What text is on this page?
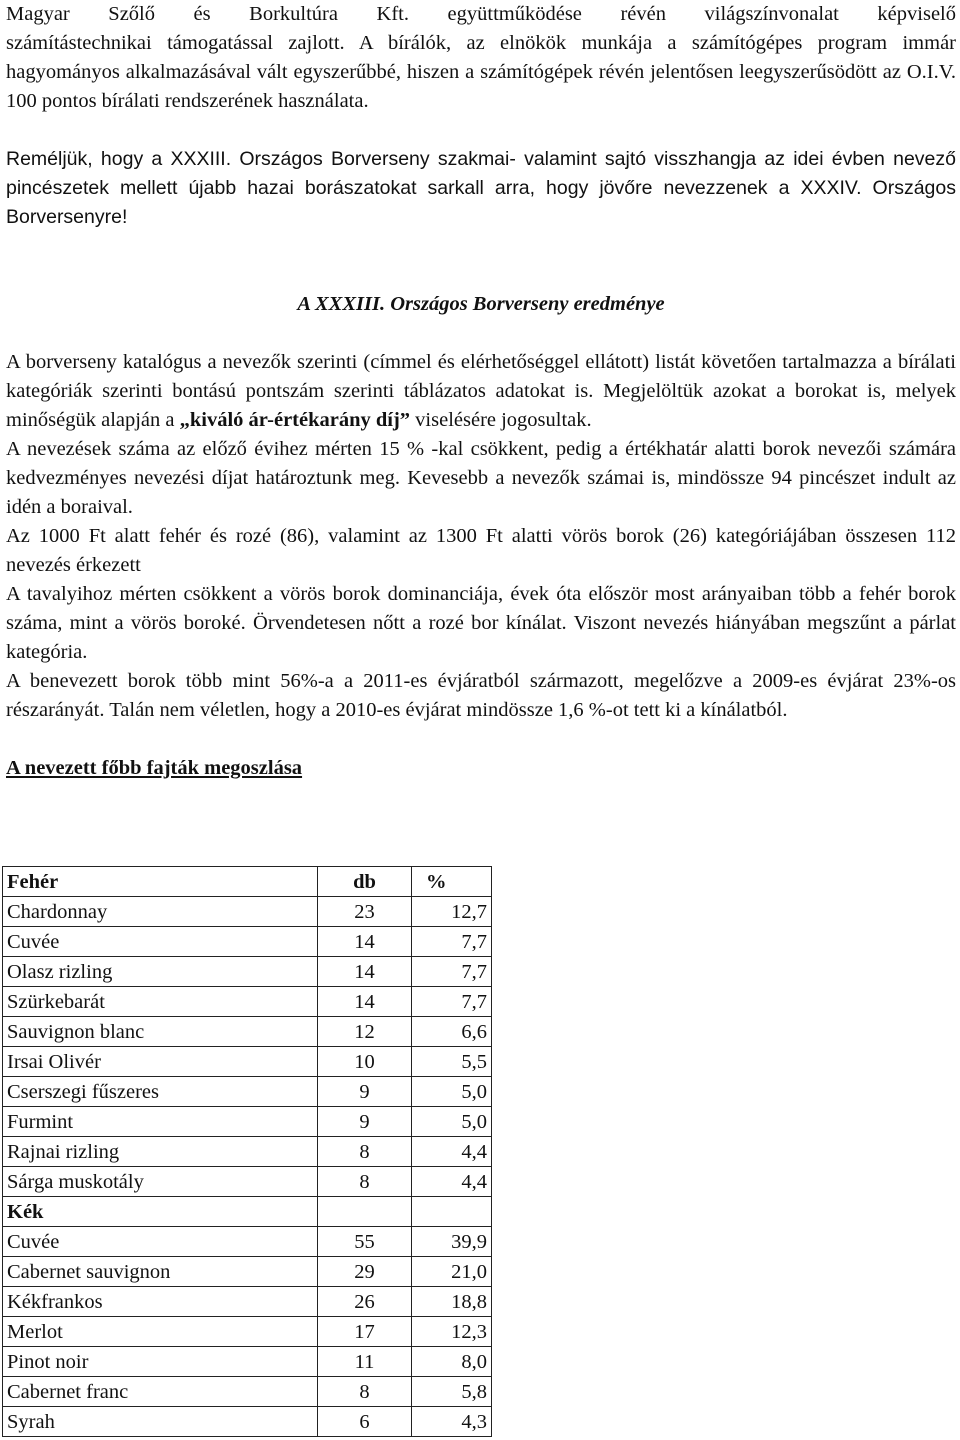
Magyar Szőlő és Borkultúra Kft. együttműködése révén világszínvonalat képviselő

számítástechnikai támogatással zajlott. A bírálók, az elnökök munkája a számítógépes program immár hagyományos alkalmazásával vált egyszerűbbé, hiszen a számítógépek révén jelentősen leegyszerűsödött az O.I.V. 100 pontos bírálati rendszerének használata.

Reméljük, hogy a XXXIII. Országos Borverseny szakmai- valamint sajtó visszhangja az idei évben nevező pincészetek mellett újabb hazai borászatokat sarkall arra, hogy jövőre nevezzenek a XXXIV. Országos Borversenyre!

A XXXIII. Országos Borverseny eredménye

A borverseny katalógus a nevezők szerinti (címmel és elérhetőséggel ellátott) listát követően tartalmazza a bírálati kategóriák szerinti bontású pontszám szerinti táblázatos adatokat is. Megjelöltük azokat a borokat is, melyek minőségük alapján a „kiváló ár-értékarány díj” viselésére jogosultak.

A nevezések száma az előző évihez mérten 15 % -kal csökkent, pedig a értékhatár alatti borok nevezői számára kedvezményes nevezési díjat határoztunk meg. Kevesebb a nevezők számai is, mindössze 94 pincészet indult az idén a boraival.

Az 1000 Ft alatt fehér és rozé (86), valamint az 1300 Ft alatti vörös borok (26) kategóriájában összesen 112 nevezés érkezett

A tavalyihoz mérten csökkent a vörös borok dominanciája, évek óta először most arányaiban több a fehér borok száma, mint a vörös boroké. Örvendetesen nőtt a rozé bor kínálat. Viszont nevezés hiányában megszűnt a párlat kategória.

A benevezett borok több mint 56%-a a 2011-es évjáratból származott, megelőzve a 2009-es évjárat 23%-os részarányát. Talán nem véletlen, hogy a 2010-es évjárat mindössze 1,6 %-ot tett ki a kínálatból.

A nevezett főbb fajták megoszlása

Fehér	db	%
Chardonnay	23	12,7
Cuvée	14	7,7
Olasz rizling	14	7,7
Szürkebarát	14	7,7
Sauvignon blanc	12	6,6
Irsai Olivér	10	5,5
Cserszegi fűszeres	9	5,0
Furmint	9	5,0
Rajnai rizling	8	4,4
Sárga muskotály	8	4,4
Kék		
Cuvée	55	39,9
Cabernet sauvignon	29	21,0
Kékfrankos	26	18,8
Merlot	17	12,3
Pinot noir	11	8,0
Cabernet franc	8	5,8
Syrah	6	4,3
